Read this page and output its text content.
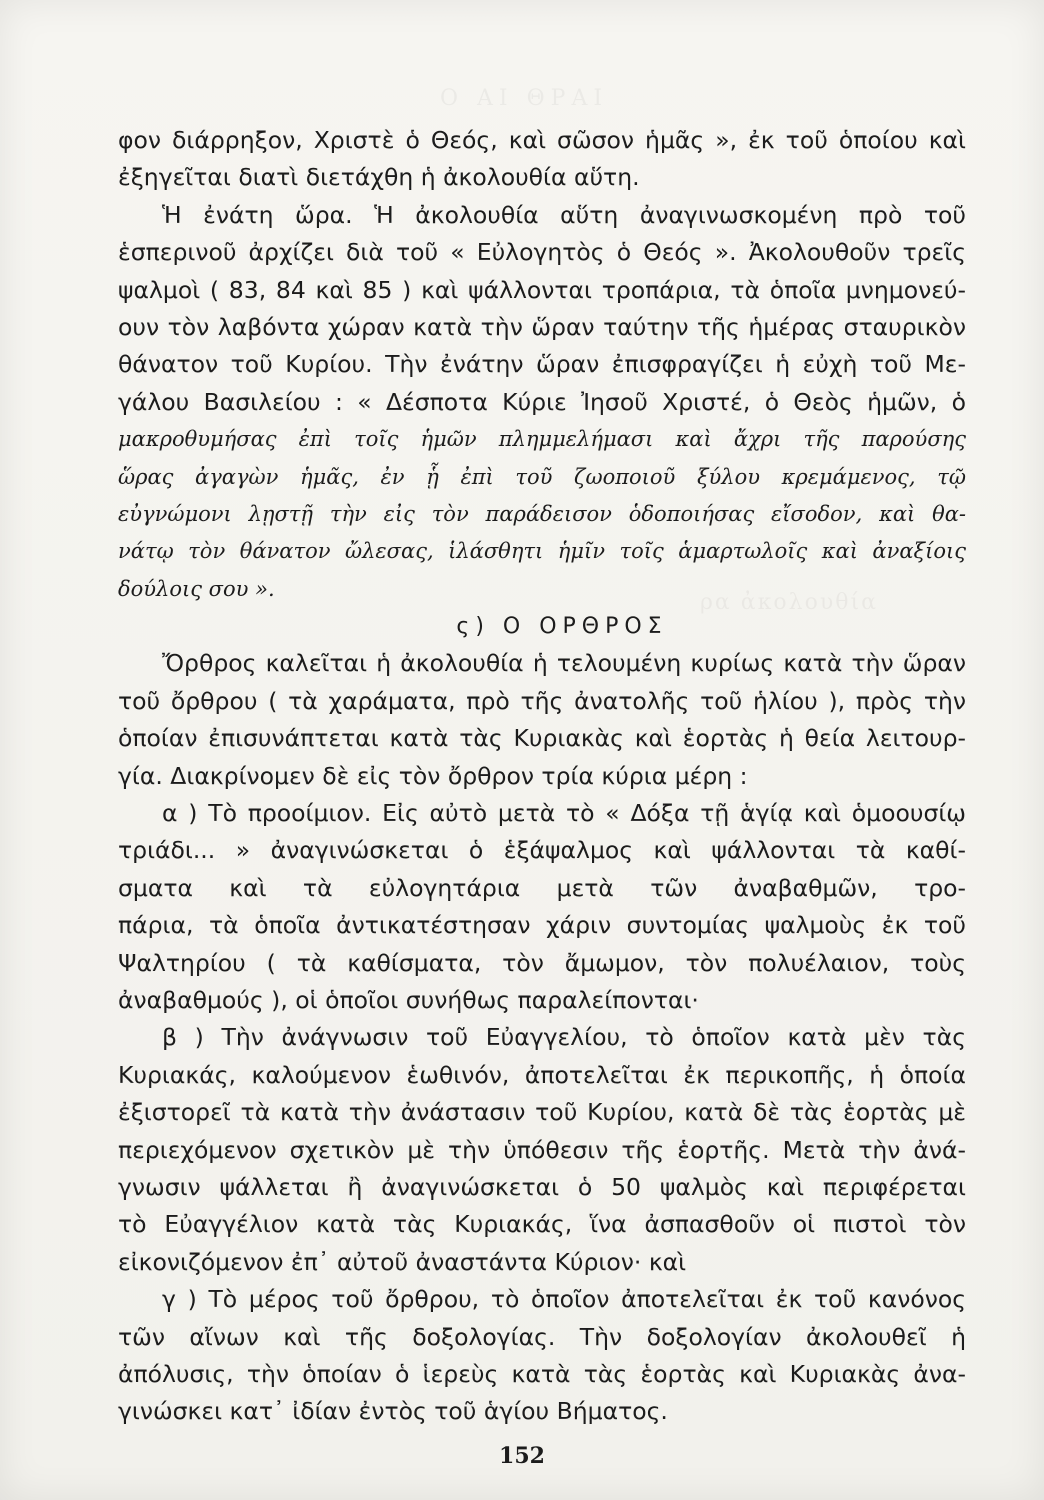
φον διάρρηξον, Χριστὲ ὁ Θεός, καὶ σῶσον ἡμᾶς », ἐκ τοῦ ὁποίου καὶ
ἐξηγεῖται διατὶ διετάχθη ἡ ἀκολουθία αὕτη.
Ἡ ἐνάτη ὥρα. Ἡ ἀκολουθία αὕτη ἀναγινωσκομένη πρὸ τοῦ
ἑσπερινοῦ ἀρχίζει διὰ τοῦ « Εὐλογητὸς ὁ Θεός ». Ἀκολουθοῦν τρεῖς
ψαλμοὶ ( 83, 84 καὶ 85 ) καὶ ψάλλονται τροπάρια, τὰ ὁποῖα μνημονεύ-
ουν τὸν λαβόντα χώραν κατὰ τὴν ὥραν ταύτην τῆς ἡμέρας σταυρικὸν
θάνατον τοῦ Κυρίου. Τὴν ἐνάτην ὥραν ἐπισφραγίζει ἡ εὐχὴ τοῦ Με-
γάλου Βασιλείου : « Δέσποτα Κύριε Ἰησοῦ Χριστέ, ὁ Θεὸς ἡμῶν, ὁ
μακροθυμήσας ἐπὶ τοῖς ἡμῶν πλημμελήμασι καὶ ἄχρι τῆς παρούσης
ὥρας ἀγαγὼν ἡμᾶς, ἐν ᾗ ἐπὶ τοῦ ζωοποιοῦ ξύλου κρεμάμενος, τῷ
εὐγνώμονι λῃστῇ τὴν εἰς τὸν παράδεισον ὁδοποιήσας εἴσοδον, καὶ θα-
νάτῳ τὸν θάνατον ὤλεσας, ἱλάσθητι ἡμῖν τοῖς ἁμαρτωλοῖς καὶ ἀναξίοις
δούλοις σου ».
ς) Ο ΟΡΘΡΟΣ
Ὄρθρος καλεῖται ἡ ἀκολουθία ἡ τελουμένη κυρίως κατὰ τὴν ὥραν
τοῦ ὄρθρου ( τὰ χαράματα, πρὸ τῆς ἀνατολῆς τοῦ ἡλίου ), πρὸς τὴν
ὁποίαν ἐπισυνάπτεται κατὰ τὰς Κυριακὰς καὶ ἑορτὰς ἡ θεία λειτουρ-
γία. Διακρίνομεν δὲ εἰς τὸν ὄρθρον τρία κύρια μέρη :
α ) Τὸ προοίμιον. Εἰς αὐτὸ μετὰ τὸ « Δόξα τῇ ἁγίᾳ καὶ ὁμοουσίῳ
τριάδι... » ἀναγινώσκεται ὁ ἑξάψαλμος καὶ ψάλλονται τὰ καθί-
σματα καὶ τὰ εὐλογητάρια μετὰ τῶν ἀναβαθμῶν, τρο-
πάρια, τὰ ὁποῖα ἀντικατέστησαν χάριν συντομίας ψαλμοὺς ἐκ τοῦ
Ψαλτηρίου ( τὰ καθίσματα, τὸν ἄμωμον, τὸν πολυέλαιον, τοὺς
ἀναβαθμούς ), οἱ ὁποῖοι συνήθως παραλείπονται·
β ) Τὴν ἀνάγνωσιν τοῦ Εὐαγγελίου, τὸ ὁποῖον κατὰ μὲν τὰς
Κυριακάς, καλούμενον ἑωθινόν, ἀποτελεῖται ἐκ περικοπῆς, ἡ ὁποία
ἐξιστορεῖ τὰ κατὰ τὴν ἀνάστασιν τοῦ Κυρίου, κατὰ δὲ τὰς ἑορτὰς μὲ
περιεχόμενον σχετικὸν μὲ τὴν ὑπόθεσιν τῆς ἑορτῆς. Μετὰ τὴν ἀνά-
γνωσιν ψάλλεται ἢ ἀναγινώσκεται ὁ 50 ψαλμὸς καὶ περιφέρεται
τὸ Εὐαγγέλιον κατὰ τὰς Κυριακάς, ἵνα ἀσπασθοῦν οἱ πιστοὶ τὸν
εἰκονιζόμενον ἐπ᾽ αὐτοῦ ἀναστάντα Κύριον· καὶ
γ ) Τὸ μέρος τοῦ ὄρθρου, τὸ ὁποῖον ἀποτελεῖται ἐκ τοῦ κανόνος
τῶν αἴνων καὶ τῆς δοξολογίας. Τὴν δοξολογίαν ἀκολουθεῖ ἡ
ἀπόλυσις, τὴν ὁποίαν ὁ ἱερεὺς κατὰ τὰς ἑορτὰς καὶ Κυριακὰς ἀνα-
γινώσκει κατ᾽ ἰδίαν ἐντὸς τοῦ ἁγίου Βήματος.
152
